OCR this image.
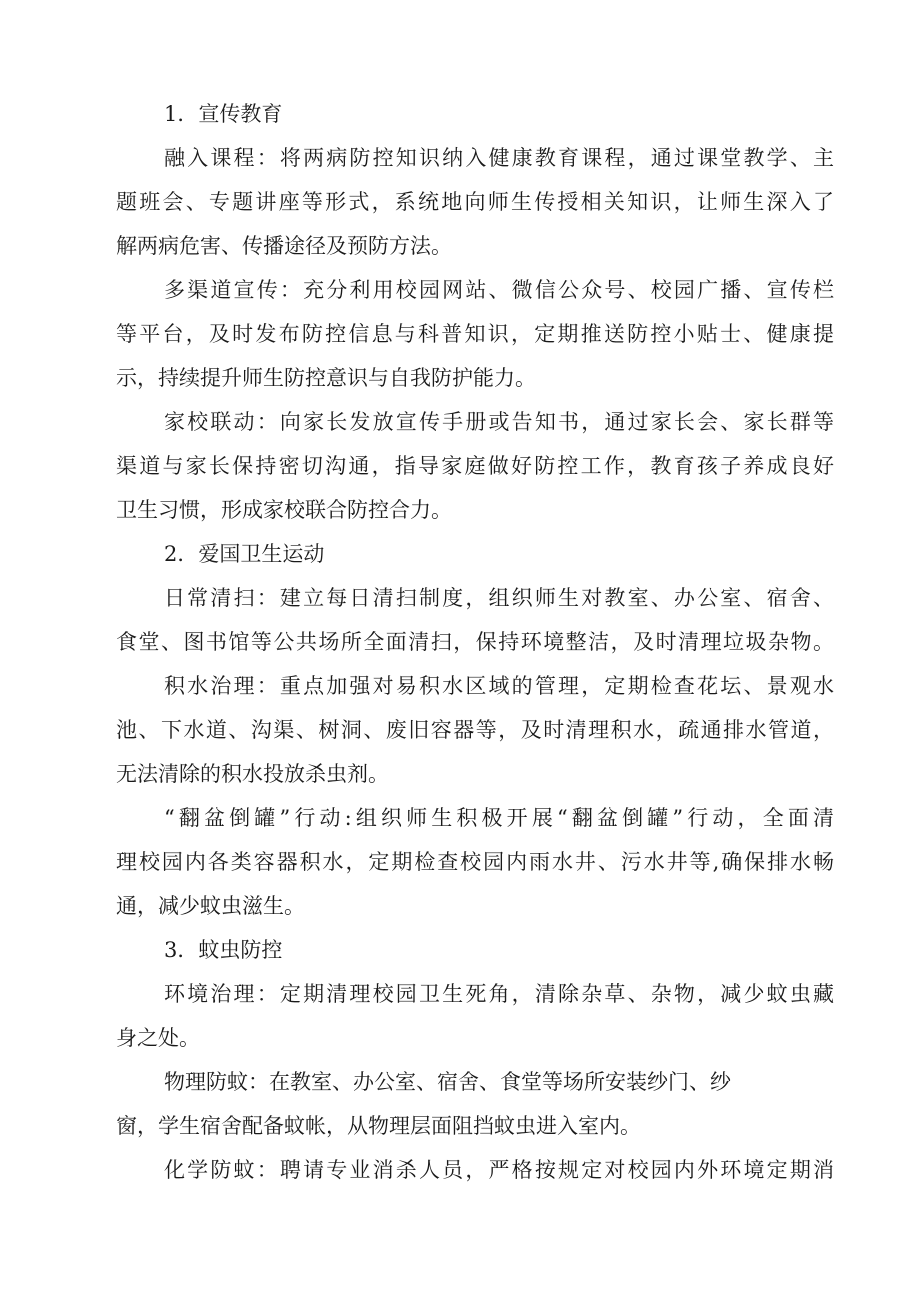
1．宣传教育
融入课程：将两病防控知识纳入健康教育课程，通过课堂教学、主
题班会、专题讲座等形式，系统地向师生传授相关知识，让师生深入了
解两病危害、传播途径及预防方法。
多渠道宣传：充分利用校园网站、微信公众号、校园广播、宣传栏
等平台，及时发布防控信息与科普知识，定期推送防控小贴士、健康提
示，持续提升师生防控意识与自我防护能力。
家校联动：向家长发放宣传手册或告知书，通过家长会、家长群等
渠道与家长保持密切沟通，指导家庭做好防控工作，教育孩子养成良好
卫生习惯，形成家校联合防控合力。
2．爱国卫生运动
日常清扫：建立每日清扫制度，组织师生对教室、办公室、宿舍、
食堂、图书馆等公共场所全面清扫，保持环境整洁，及时清理垃圾杂物。
积水治理：重点加强对易积水区域的管理，定期检查花坛、景观水
池、下水道、沟渠、树洞、废旧容器等，及时清理积水，疏通排水管道，
无法清除的积水投放杀虫剂。
“翻盆倒罐”行动:组织师生积极开展“翻盆倒罐”行动，全面清
理校园内各类容器积水，定期检查校园内雨水井、污水井等,确保排水畅
通，减少蚊虫滋生。
3．蚊虫防控
环境治理：定期清理校园卫生死角，清除杂草、杂物，减少蚊虫藏
身之处。
物理防蚊：在教室、办公室、宿舍、食堂等场所安装纱门、纱
窗，学生宿舍配备蚊帐，从物理层面阻挡蚊虫进入室内。
化学防蚊：聘请专业消杀人员，严格按规定对校园内外环境定期消
